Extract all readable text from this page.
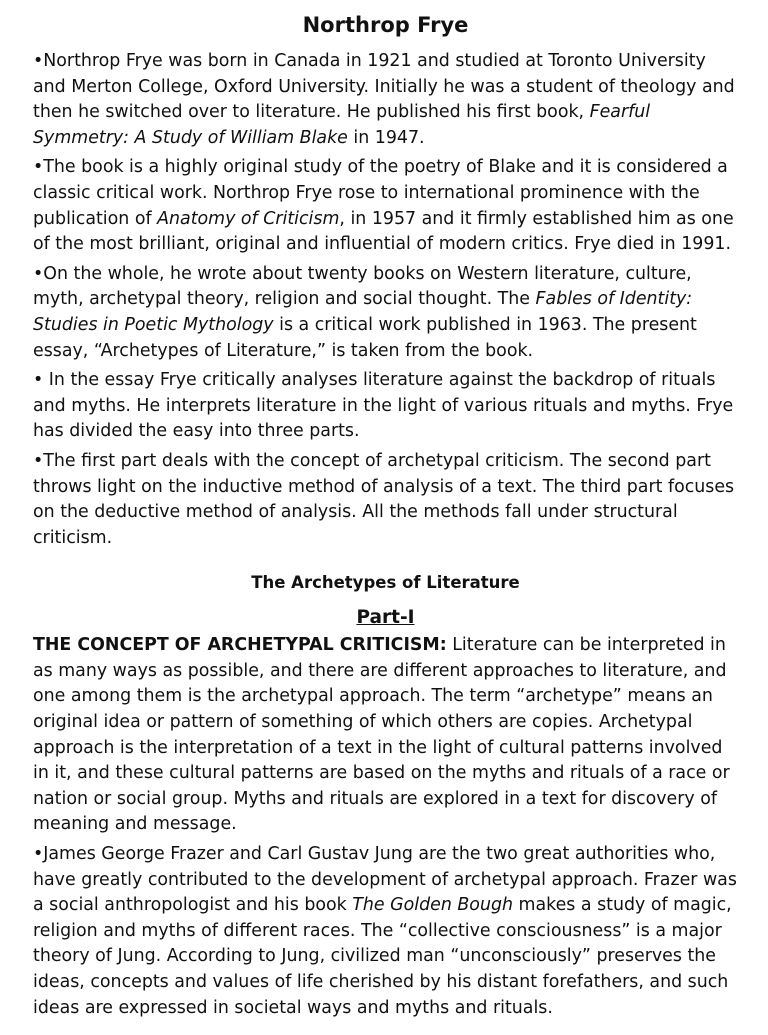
Northrop Frye

•Northrop Frye was born in Canada in 1921 and studied at Toronto University and Merton College, Oxford University. Initially he was a student of theology and then he switched over to literature. He published his first book, Fearful Symmetry: A Study of William Blake in 1947.

•The book is a highly original study of the poetry of Blake and it is considered a classic critical work. Northrop Frye rose to international prominence with the publication of Anatomy of Criticism, in 1957 and it firmly established him as one of the most brilliant, original and influential of modern critics. Frye died in 1991.

•On the whole, he wrote about twenty books on Western literature, culture, myth, archetypal theory, religion and social thought. The Fables of Identity: Studies in Poetic Mythology is a critical work published in 1963. The present essay, “Archetypes of Literature,” is taken from the book.

• In the essay Frye critically analyses literature against the backdrop of rituals and myths. He interprets literature in the light of various rituals and myths. Frye has divided the easy into three parts.

•The first part deals with the concept of archetypal criticism. The second part throws light on the inductive method of analysis of a text. The third part focuses on the deductive method of analysis. All the methods fall under structural criticism.

The Archetypes of Literature
Part-I

THE CONCEPT OF ARCHETYPAL CRITICISM: Literature can be interpreted in as many ways as possible, and there are different approaches to literature, and one among them is the archetypal approach. The term “archetype” means an original idea or pattern of something of which others are copies. Archetypal approach is the interpretation of a text in the light of cultural patterns involved in it, and these cultural patterns are based on the myths and rituals of a race or nation or social group. Myths and rituals are explored in a text for discovery of meaning and message.

•James George Frazer and Carl Gustav Jung are the two great authorities who, have greatly contributed to the development of archetypal approach. Frazer was a social anthropologist and his book The Golden Bough makes a study of magic, religion and myths of different races. The “collective consciousness” is a major theory of Jung. According to Jung, civilized man “unconsciously” preserves the ideas, concepts and values of life cherished by his distant forefathers, and such ideas are expressed in societal ways and myths and rituals.
